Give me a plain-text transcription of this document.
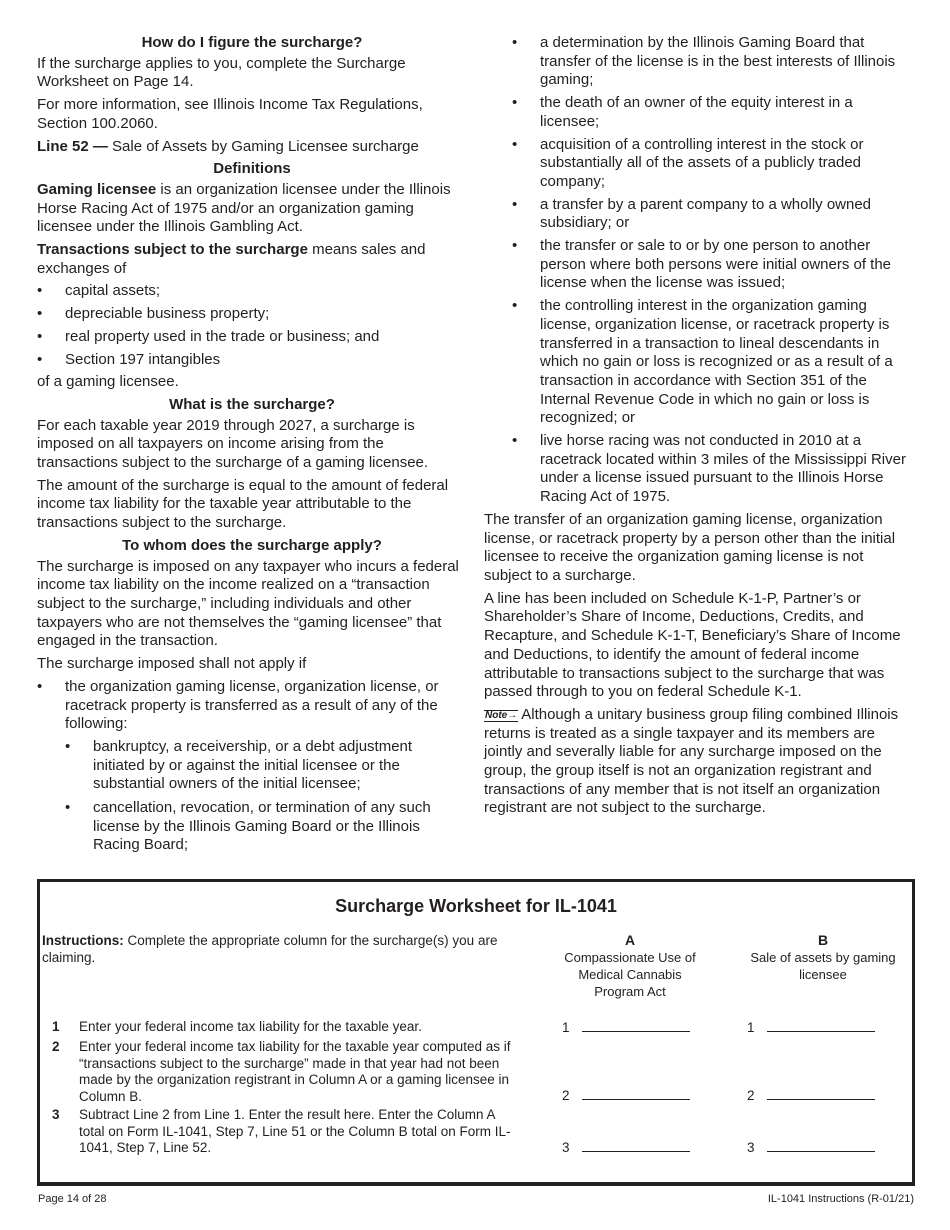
How do I figure the surcharge?

If the surcharge applies to you, complete the Surcharge Worksheet on Page 14.

For more information, see Illinois Income Tax Regulations, Section 100.2060.

Line 52 — Sale of Assets by Gaming Licensee surcharge

Definitions

Gaming licensee is an organization licensee under the Illinois Horse Racing Act of 1975 and/or an organization gaming licensee under the Illinois Gambling Act.

Transactions subject to the surcharge means sales and exchanges of

• capital assets;
• depreciable business property;
• real property used in the trade or business; and
• Section 197 intangibles

of a gaming licensee.

What is the surcharge?

For each taxable year 2019 through 2027, a surcharge is imposed on all taxpayers on income arising from the transactions subject to the surcharge of a gaming licensee.

The amount of the surcharge is equal to the amount of federal income tax liability for the taxable year attributable to the transactions subject to the surcharge.

To whom does the surcharge apply?

The surcharge is imposed on any taxpayer who incurs a federal income tax liability on the income realized on a “transaction subject to the surcharge,” including individuals and other taxpayers who are not themselves the “gaming licensee” that engaged in the transaction.

The surcharge imposed shall not apply if

• the organization gaming license, organization license, or racetrack property is transferred as a result of any of the following:
• bankruptcy, a receivership, or a debt adjustment initiated by or against the initial licensee or the substantial owners of the initial licensee;
• cancellation, revocation, or termination of any such license by the Illinois Gaming Board or the Illinois Racing Board;
• a determination by the Illinois Gaming Board that transfer of the license is in the best interests of Illinois gaming;
• the death of an owner of the equity interest in a licensee;
• acquisition of a controlling interest in the stock or substantially all of the assets of a publicly traded company;
• a transfer by a parent company to a wholly owned subsidiary; or
• the transfer or sale to or by one person to another person where both persons were initial owners of the license when the license was issued;
• the controlling interest in the organization gaming license, organization license, or racetrack property is transferred in a transaction to lineal descendants in which no gain or loss is recognized or as a result of a transaction in accordance with Section 351 of the Internal Revenue Code in which no gain or loss is recognized; or
• live horse racing was not conducted in 2010 at a racetrack located within 3 miles of the Mississippi River under a license issued pursuant to the Illinois Horse Racing Act of 1975.

The transfer of an organization gaming license, organization license, or racetrack property by a person other than the initial licensee to receive the organization gaming license is not subject to a surcharge.

A line has been included on Schedule K-1-P, Partner’s or Shareholder’s Share of Income, Deductions, Credits, and Recapture, and Schedule K-1-T, Beneficiary’s Share of Income and Deductions, to identify the amount of federal income attributable to transactions subject to the surcharge that was passed through to you on federal Schedule K-1.

Note→ Although a unitary business group filing combined Illinois returns is treated as a single taxpayer and its members are jointly and severally liable for any surcharge imposed on the group, the group itself is not an organization registrant and transactions of any member that is not itself an organization registrant are not subject to the surcharge.

Surcharge Worksheet for IL-1041
Instructions: Complete the appropriate column for the surcharge(s) you are claiming.
A
Compassionate Use of Medical Cannabis Program Act
B
Sale of assets by gaming licensee
1 Enter your federal income tax liability for the taxable year.	1	1
2 Enter your federal income tax liability for the taxable year computed as if “transactions subject to the surcharge” made in that year had not been made by the organization registrant in Column A or a gaming licensee in Column B.	2	2
3 Subtract Line 2 from Line 1. Enter the result here. Enter the Column A total on Form IL-1041, Step 7, Line 51 or the Column B total on Form IL-1041, Step 7, Line 52.	3	3
Page 14 of 28	IL-1041 Instructions (R-01/21)
